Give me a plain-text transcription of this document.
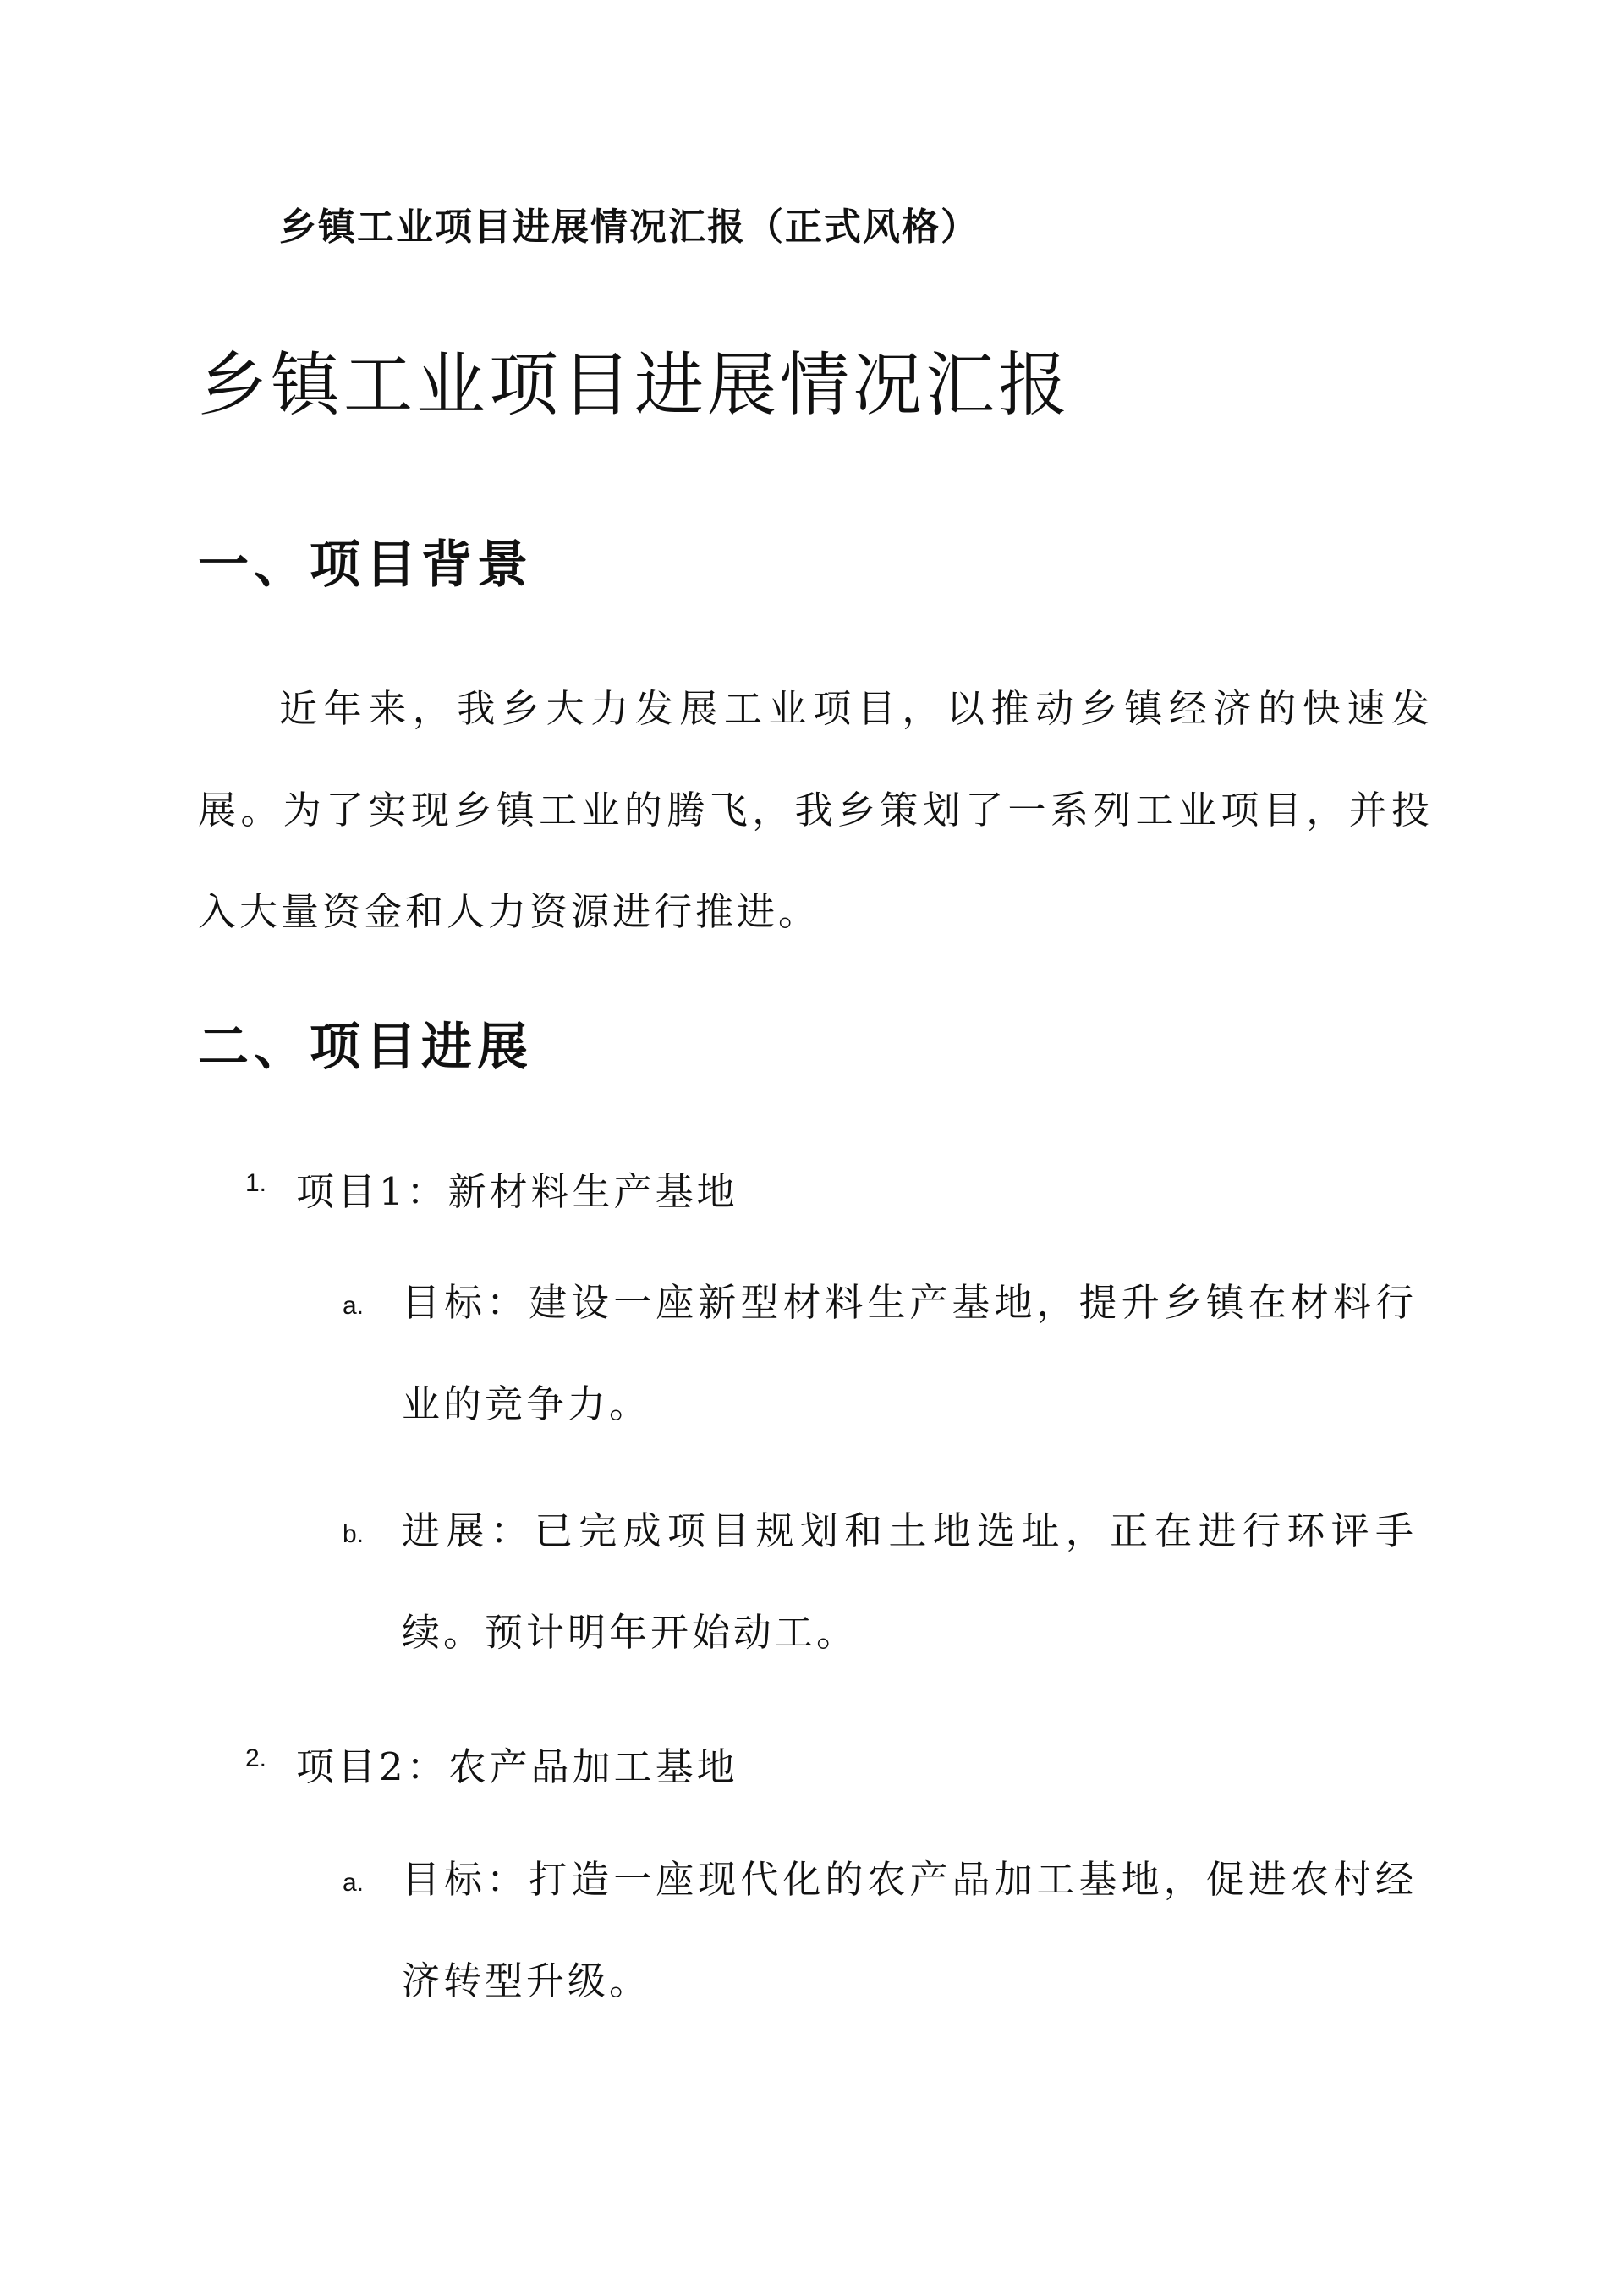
乡镇工业项目进展情况汇报（正式风格）
乡镇工业项目进展情况汇报
一、项目背景
近年来，我乡大力发展工业项目，以推动乡镇经济的快速发展。为了实现乡镇工业的腾飞，我乡策划了一系列工业项目，并投入大量资金和人力资源进行推进。
二、项目进展
1. 项目1：新材料生产基地
a. 目标：建设一座新型材料生产基地，提升乡镇在材料行业的竞争力。
b. 进展：已完成项目规划和土地选址，正在进行环评手续。预计明年开始动工。
2. 项目2：农产品加工基地
a. 目标：打造一座现代化的农产品加工基地，促进农村经济转型升级。
